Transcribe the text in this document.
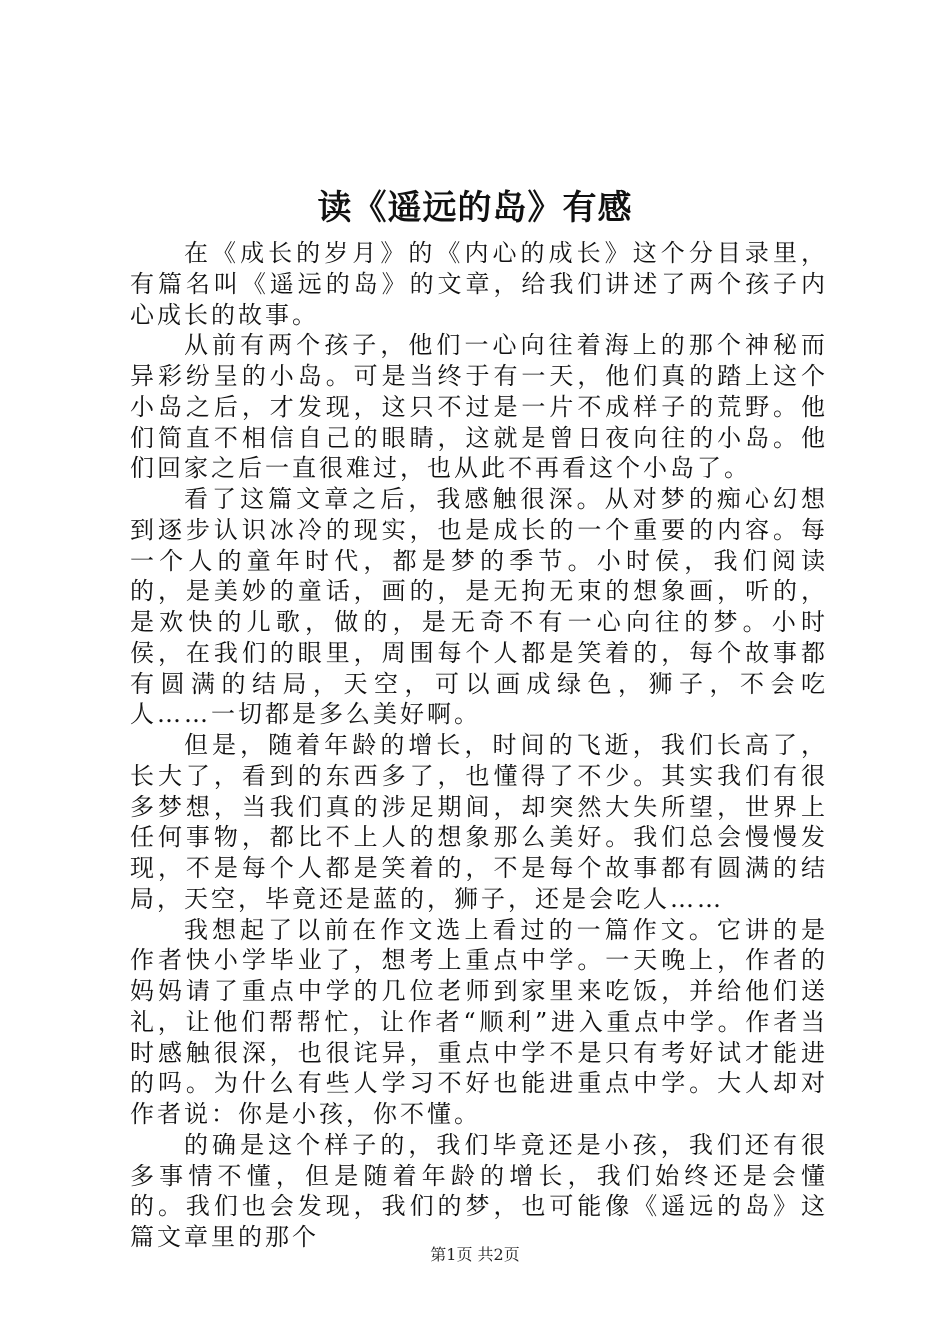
读《遥远的岛》有感

在《成长的岁月》的《内心的成长》这个分目录里，有篇名叫《遥远的岛》的文章，给我们讲述了两个孩子内心成长的故事。

从前有两个孩子，他们一心向往着海上的那个神秘而异彩纷呈的小岛。可是当终于有一天，他们真的踏上这个小岛之后，才发现，这只不过是一片不成样子的荒野。他们简直不相信自己的眼睛，这就是曾日夜向往的小岛。他们回家之后一直很难过，也从此不再看这个小岛了。

看了这篇文章之后，我感触很深。从对梦的痴心幻想到逐步认识冰冷的现实，也是成长的一个重要的内容。每一个人的童年时代，都是梦的季节。小时侯，我们阅读的，是美妙的童话，画的，是无拘无束的想象画，听的，是欢快的儿歌，做的，是无奇不有一心向往的梦。小时侯，在我们的眼里，周围每个人都是笑着的，每个故事都有圆满的结局，天空，可以画成绿色，狮子，不会吃人……一切都是多么美好啊。

但是，随着年龄的增长，时间的飞逝，我们长高了，长大了，看到的东西多了，也懂得了不少。其实我们有很多梦想，当我们真的涉足期间，却突然大失所望，世界上任何事物，都比不上人的想象那么美好。我们总会慢慢发现，不是每个人都是笑着的，不是每个故事都有圆满的结局，天空，毕竟还是蓝的，狮子，还是会吃人……

我想起了以前在作文选上看过的一篇作文。它讲的是作者快小学毕业了，想考上重点中学。一天晚上，作者的妈妈请了重点中学的几位老师到家里来吃饭，并给他们送礼，让他们帮帮忙，让作者“顺利”进入重点中学。作者当时感触很深，也很诧异，重点中学不是只有考好试才能进的吗。为什么有些人学习不好也能进重点中学。大人却对作者说：你是小孩，你不懂。

的确是这个样子的，我们毕竟还是小孩，我们还有很多事情不懂，但是随着年龄的增长，我们始终还是会懂的。我们也会发现，我们的梦，也可能像《遥远的岛》这篇文章里的那个

第1页 共2页
